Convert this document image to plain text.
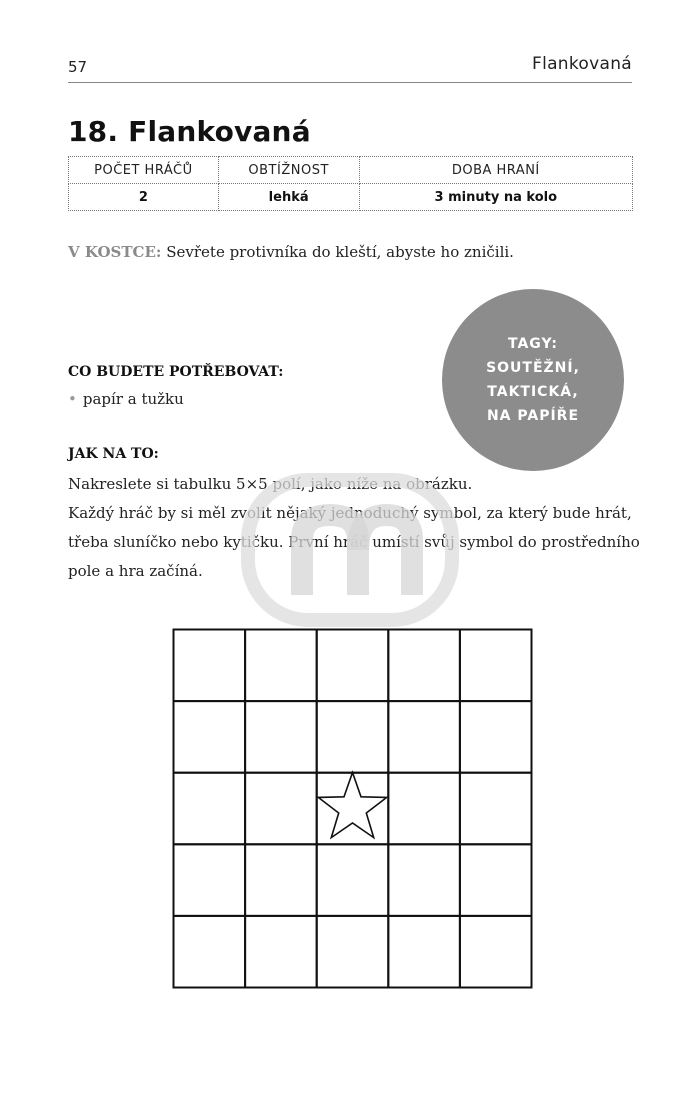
57	Flankovaná
18. Flankovaná
POČET HRÁČŮ	OBTÍŽNOST	DOBA HRANÍ
2	lehká	3 minuty na kolo
V KOSTCE: Sevřete protivníka do kleští, abyste ho zničili.
TAGY:
SOUTĚŽNÍ,
TAKTICKÁ,
NA PAPÍŘE
CO BUDETE POTŘEBOVAT:
• papír a tužku
JAK NA TO:

Nakreslete si tabulku 5×5 polí, jako níže na obrázku.

Každý hráč by si měl zvolit nějaký jednoduchý symbol, za který bude hrát, třeba sluníčko nebo kytičku. První hráč umístí svůj symbol do prostředního pole a hra začíná.
